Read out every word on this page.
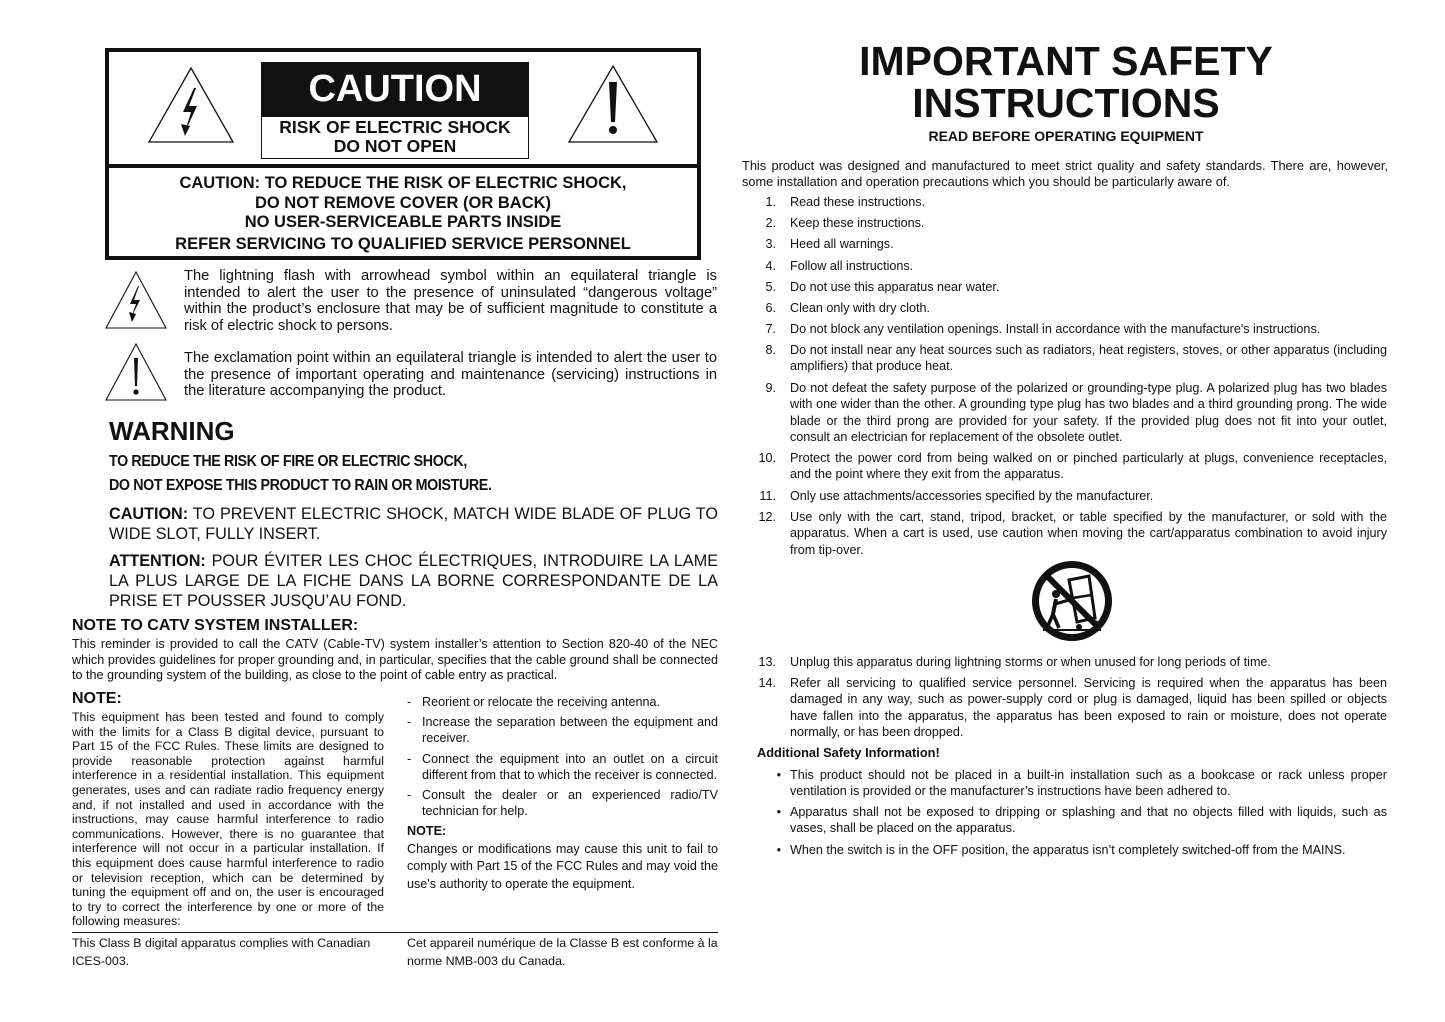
CAUTION
RISK OF ELECTRIC SHOCK
DO NOT OPEN
CAUTION: TO REDUCE THE RISK OF ELECTRIC SHOCK,
DO NOT REMOVE COVER (OR BACK)
NO USER-SERVICEABLE PARTS INSIDE
REFER SERVICING TO QUALIFIED SERVICE PERSONNEL
The lightning flash with arrowhead symbol within an equilateral triangle is intended to alert the user to the presence of uninsulated “dangerous voltage” within the product’s enclosure that may be of sufficient magnitude to constitute a risk of electric shock to persons.
The exclamation point within an equilateral triangle is intended to alert the user to the presence of important operating and maintenance (servicing) instructions in the literature accompanying the product.
WARNING
TO REDUCE THE RISK OF FIRE OR ELECTRIC SHOCK,
DO NOT EXPOSE THIS PRODUCT TO RAIN OR MOISTURE.
CAUTION: TO PREVENT ELECTRIC SHOCK, MATCH WIDE BLADE OF PLUG TO WIDE SLOT, FULLY INSERT.
ATTENTION: POUR ÉVITER LES CHOC ÉLECTRIQUES, INTRODUIRE LA LAME LA PLUS LARGE DE LA FICHE DANS LA BORNE CORRESPONDANTE DE LA PRISE ET POUSSER JUSQU’AU FOND.
NOTE TO CATV SYSTEM INSTALLER:
This reminder is provided to call the CATV (Cable-TV) system installer’s attention to Section 820-40 of the NEC which provides guidelines for proper grounding and, in particular, specifies that the cable ground shall be connected to the grounding system of the building, as close to the point of cable entry as practical.
NOTE:
This equipment has been tested and found to comply with the limits for a Class B digital device, pursuant to Part 15 of the FCC Rules. These limits are designed to provide reasonable protection against harmful interference in a residential installation. This equipment generates, uses and can radiate radio frequency energy and, if not installed and used in accordance with the instructions, may cause harmful interference to radio communications. However, there is no guarantee that interference will not occur in a particular installation. If this equipment does cause harmful interference to radio or television reception, which can be determined by tuning the equipment off and on, the user is encouraged to try to correct the interference by one or more of the following measures:
- Reorient or relocate the receiving antenna.
- Increase the separation between the equipment and receiver.
- Connect the equipment into an outlet on a circuit different from that to which the receiver is connected.
- Consult the dealer or an experienced radio/TV technician for help.
NOTE:
Changes or modifications may cause this unit to fail to comply with Part 15 of the FCC Rules and may void the use's authority to operate the equipment.
This Class B digital apparatus complies with Canadian ICES-003.
Cet appareil numérique de la Classe B est conforme à la norme NMB-003 du Canada.
IMPORTANT SAFETY
INSTRUCTIONS
READ BEFORE OPERATING EQUIPMENT
This product was designed and manufactured to meet strict quality and safety standards. There are, however, some installation and operation precautions which you should be particularly aware of.
1. Read these instructions.
2. Keep these instructions.
3. Heed all warnings.
4. Follow all instructions.
5. Do not use this apparatus near water.
6. Clean only with dry cloth.
7. Do not block any ventilation openings. Install in accordance with the manufacture's instructions.
8. Do not install near any heat sources such as radiators, heat registers, stoves, or other apparatus (including amplifiers) that produce heat.
9. Do not defeat the safety purpose of the polarized or grounding-type plug. A polarized plug has two blades with one wider than the other. A grounding type plug has two blades and a third grounding prong. The wide blade or the third prong are provided for your safety. If the provided plug does not fit into your outlet, consult an electrician for replacement of the obsolete outlet.
10. Protect the power cord from being walked on or pinched particularly at plugs, convenience receptacles, and the point where they exit from the apparatus.
11. Only use attachments/accessories specified by the manufacturer.
12. Use only with the cart, stand, tripod, bracket, or table specified by the manufacturer, or sold with the apparatus. When a cart is used, use caution when moving the cart/apparatus combination to avoid injury from tip-over.
13. Unplug this apparatus during lightning storms or when unused for long periods of time.
14. Refer all servicing to qualified service personnel. Servicing is required when the apparatus has been damaged in any way, such as power-supply cord or plug is damaged, liquid has been spilled or objects have fallen into the apparatus, the apparatus has been exposed to rain or moisture, does not operate normally, or has been dropped.
Additional Safety Information!
• This product should not be placed in a built-in installation such as a bookcase or rack unless proper ventilation is provided or the manufacturer’s instructions have been adhered to.
• Apparatus shall not be exposed to dripping or splashing and that no objects filled with liquids, such as vases, shall be placed on the apparatus.
• When the switch is in the OFF position, the apparatus isn’t completely switched-off from the MAINS.
